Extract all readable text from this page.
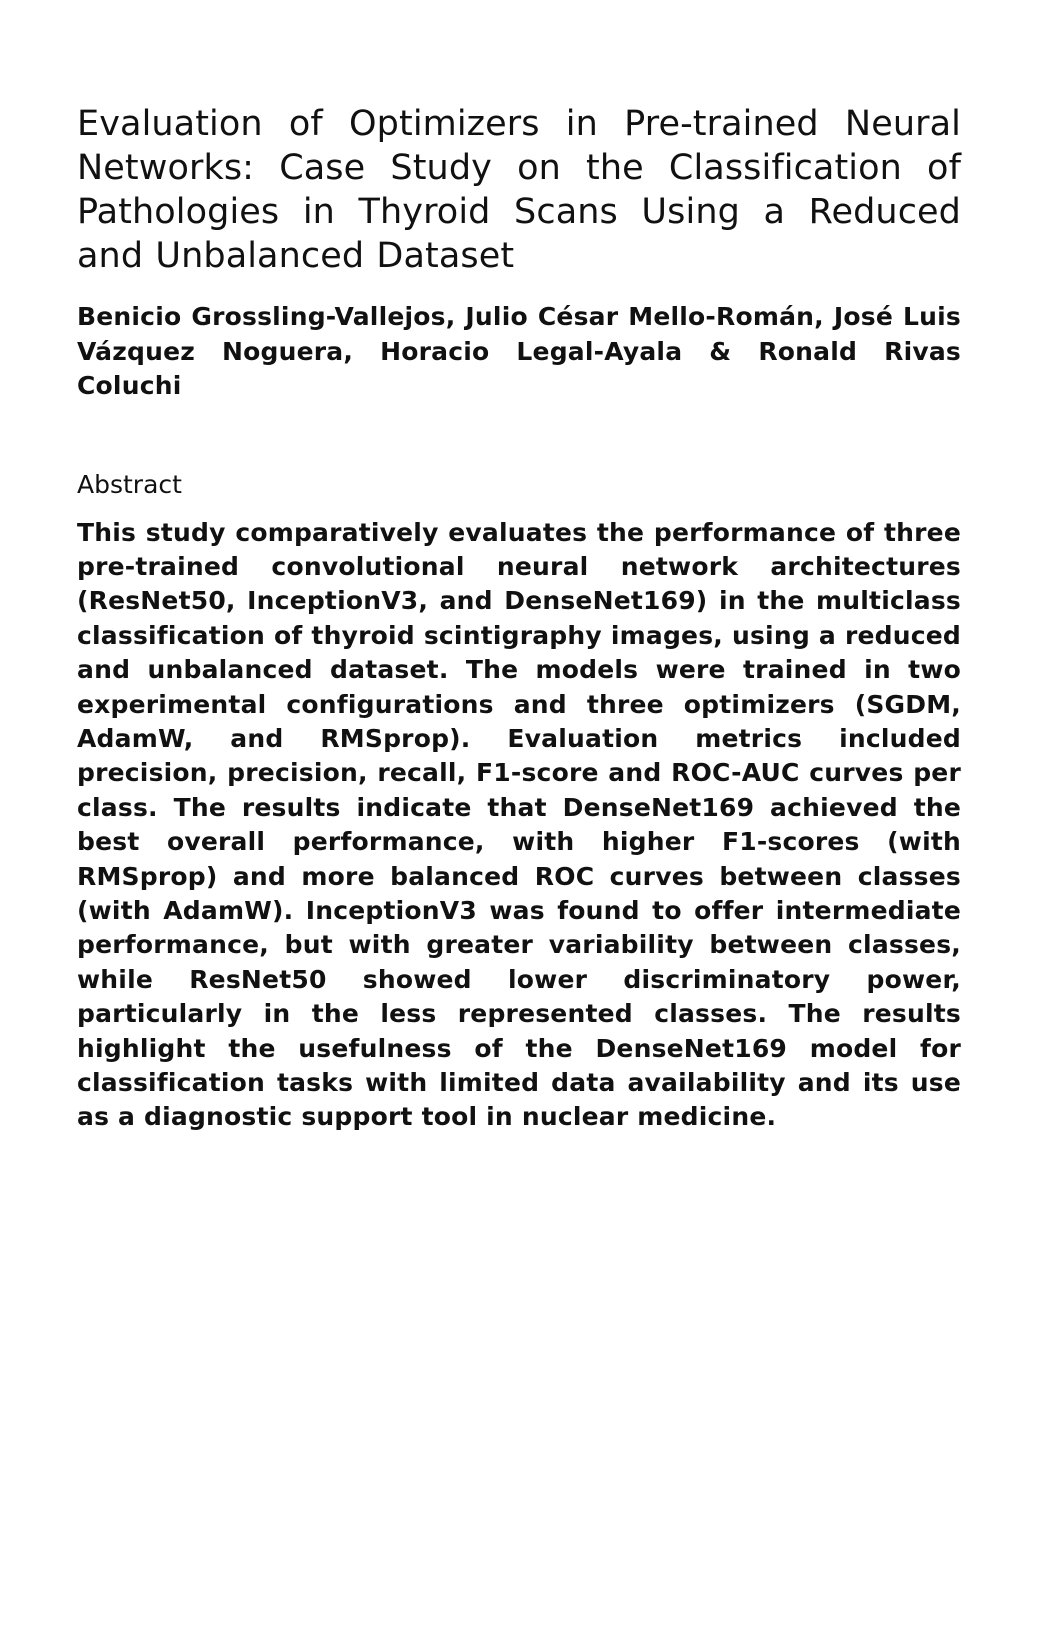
Evaluation of Optimizers in Pre-trained Neural Networks: Case Study on the Classification of Pathologies in Thyroid Scans Using a Reduced and Unbalanced Dataset

Benicio Grossling-Vallejos, Julio César Mello-Román, José Luis Vázquez Noguera, Horacio Legal-Ayala & Ronald Rivas Coluchi

Abstract

This study comparatively evaluates the performance of three pre-trained convolutional neural network architectures (ResNet50, InceptionV3, and DenseNet169) in the multiclass classification of thyroid scintigraphy images, using a reduced and unbalanced dataset. The models were trained in two experimental configurations and three optimizers (SGDM, AdamW, and RMSprop). Evaluation metrics included precision, precision, recall, F1-score and ROC-AUC curves per class. The results indicate that DenseNet169 achieved the best overall performance, with higher F1-scores (with RMSprop) and more balanced ROC curves between classes (with AdamW). InceptionV3 was found to offer intermediate performance, but with greater variability between classes, while ResNet50 showed lower discriminatory power, particularly in the less represented classes. The results highlight the usefulness of the DenseNet169 model for classification tasks with limited data availability and its use as a diagnostic support tool in nuclear medicine.
